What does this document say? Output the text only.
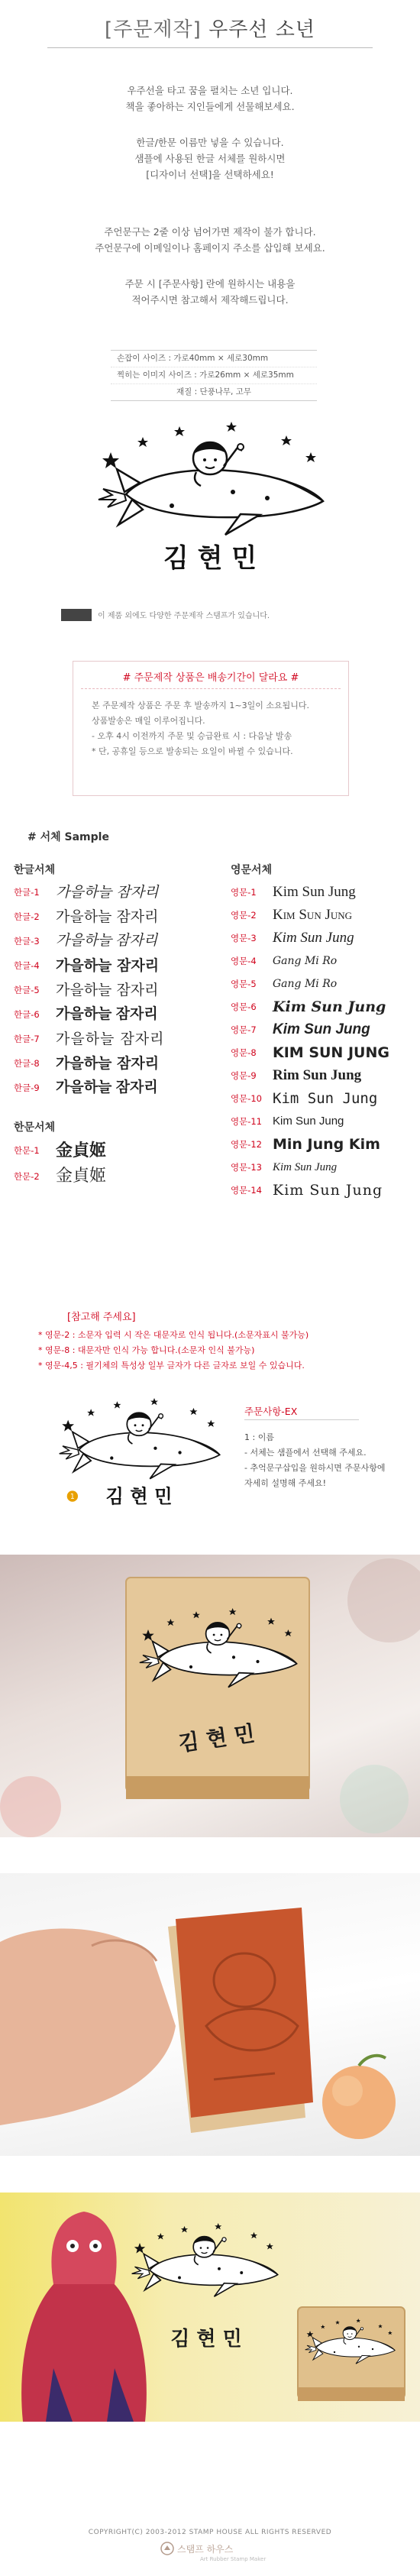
[주문제작] 우주선 소년
우주선을 타고 꿈을 펼치는 소년 입니다.
책을 좋아하는 지인들에게 선물해보세요.
한글/한문 이름만 넣을 수 있습니다.
샘플에 사용된 한글 서체를 원하시면
[디자이너 선택]을 선택하세요!
주언문구는 2줄 이상 넘어가면 제작이 불가 합니다.
주언문구에 이메일이나 홈페이지 주소를 삽입해 보세요.
주문 시 [주문사항] 란에 원하시는 내용을
적어주시면 참고해서 제작해드립니다.
손잡이 사이즈 : 가로40mm × 세로30mm
찍히는 이미지 사이즈 : 가로26mm × 세로35mm
재질 : 단풍나무, 고무
김 현 민
이 제품 외에도 다양한 주문제작 스탬프가 있습니다.
# 주문제작 상품은 배송기간이 달라요 #
본 주문제작 상품은 주문 후 발송까지 1~3일이 소요됩니다.
상품발송은 매일 이루어집니다.
- 오후 4시 이전까지 주문 및 승급완료 시 : 다음날 발송
* 단, 공휴일 등으로 발송되는 요일이 바뀔 수 있습니다.
# 서체 Sample
한글서체	영문서체
한글-1 가을하늘 잠자리
한글-2 가을하늘 잠자리
한글-3 가을하늘 잠자리
한글-4 가을하늘 잠자리
한글-5 가을하늘 잠자리
한글-6 가을하늘 잠자리
한글-7 가을하늘 잠자리
한글-8 가을하늘 잠자리
한글-9 가을하늘 잠자리
한문서체
한문-1 金貞姬
한문-2 金貞姬
영문-1 Kim Sun Jung
영문-2 Kim Sun Jung
영문-3 Kim Sun Jung
영문-4 Gang Mi Ro
영문-5 Gang Mi Ro
영문-6 Kim Sun Jung
영문-7 Kim Sun Jung
영문-8 KIM SUN JUNG
영문-9 Rim Sun Jung
영문-10 Kim Sun Jung
영문-11 Kim Sun Jung
영문-12 Min Jung Kim
영문-13 Kim Sun Jung
영문-14 Kim Sun Jung
[참고해 주세요]
* 영문-2 : 소문자 입력 시 작은 대문자로 인식 됩니다.(소문자표시 불가능)
* 영문-8 : 대문자만 인식 가능 합니다.(소문자 인식 불가능)
* 영문-4,5 : 필기체의 특성상 일부 글자가 다른 글자로 보일 수 있습니다.
1 김 현 민
주문사항-EX
1 : 이름
- 서체는 샘플에서 선택해 주세요.
- 추억문구삽입을 원하시면 주문사항에
자세히 설명해 주세요!
김 현 민
김 현 민
COPYRIGHT(C) 2003-2012 STAMP HOUSE ALL RIGHTS RESERVED
스탬프 하우스
Art Rubber Stamp Maker
